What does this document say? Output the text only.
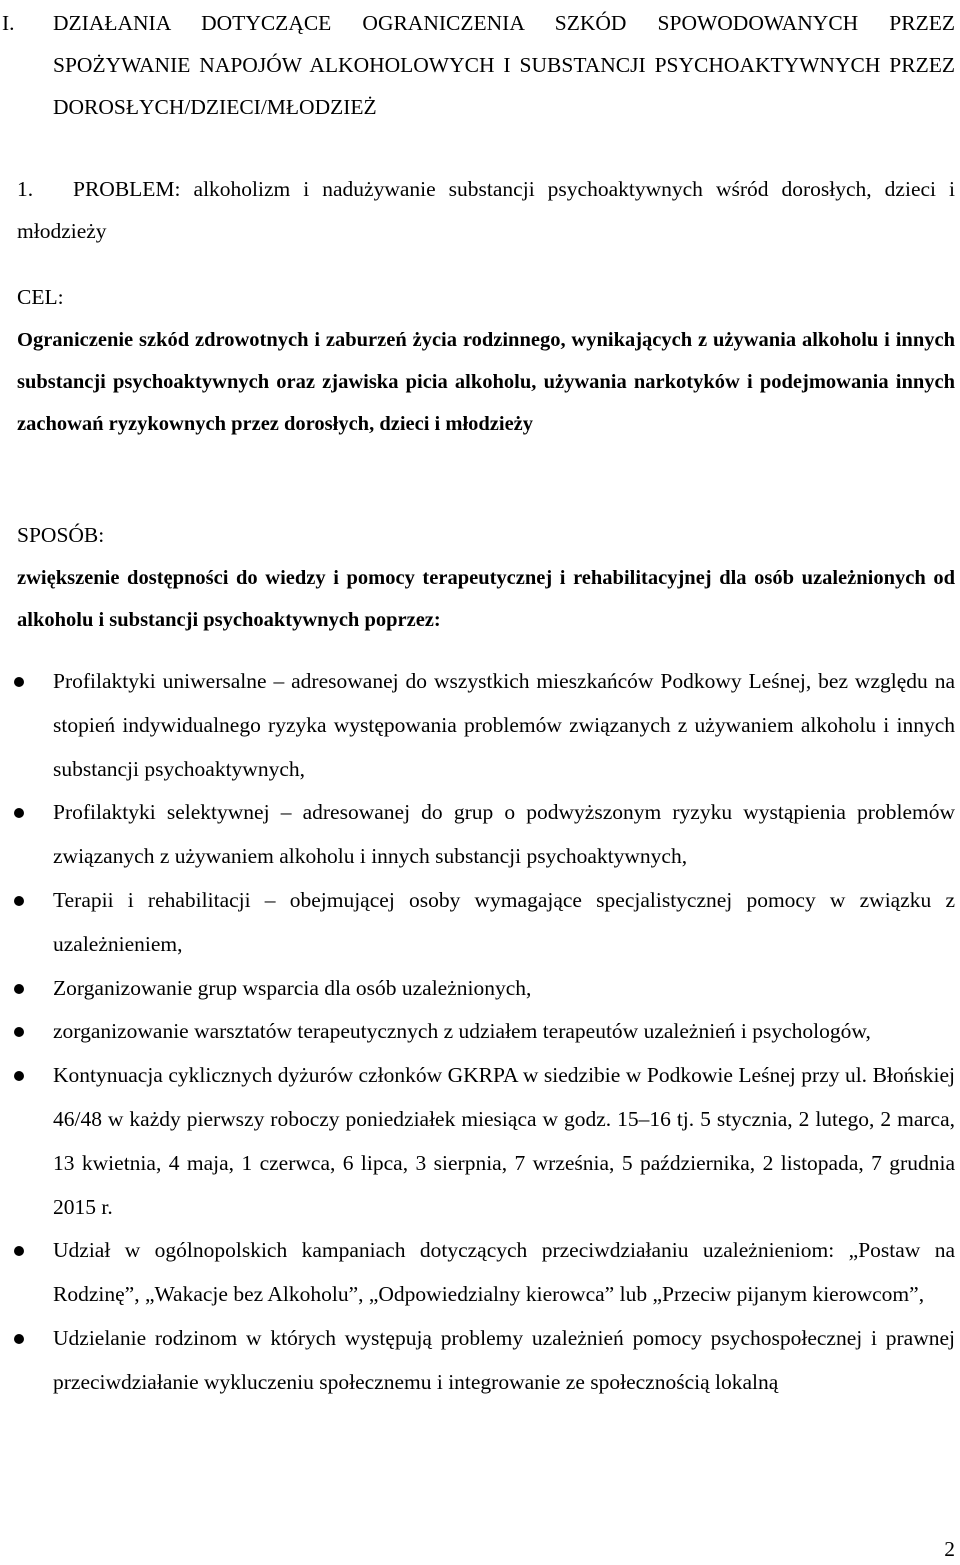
I. DZIAŁANIA DOTYCZĄCE OGRANICZENIA SZKÓD SPOWODOWANYCH PRZEZ SPOŻYWANIE NAPOJÓW ALKOHOLOWYCH I SUBSTANCJI PSYCHOAKTYWNYCH PRZEZ DOROSŁYCH/DZIECI/MŁODZIEŻ
1.	PROBLEM: alkoholizm i nadużywanie substancji psychoaktywnych wśród dorosłych, dzieci i młodzieży
CEL:
Ograniczenie szkód zdrowotnych i zaburzeń życia rodzinnego, wynikających z używania alkoholu i innych substancji psychoaktywnych oraz zjawiska picia alkoholu, używania narkotyków i podejmowania innych zachowań ryzykownych przez dorosłych, dzieci i młodzieży
SPOSÓB:
zwiększenie dostępności do wiedzy i pomocy terapeutycznej i rehabilitacyjnej dla osób uzależnionych od alkoholu i substancji psychoaktywnych poprzez:
Profilaktyki uniwersalne – adresowanej do wszystkich mieszkańców Podkowy Leśnej, bez względu na stopień indywidualnego ryzyka występowania problemów związanych z używaniem alkoholu i innych substancji psychoaktywnych,
Profilaktyki selektywnej – adresowanej do grup o podwyższonym ryzyku wystąpienia problemów związanych z używaniem alkoholu i innych substancji psychoaktywnych,
Terapii i rehabilitacji – obejmującej osoby wymagające specjalistycznej pomocy w związku z uzależnieniem,
Zorganizowanie grup wsparcia dla osób uzależnionych,
zorganizowanie warsztatów terapeutycznych z udziałem terapeutów uzależnień i psychologów,
Kontynuacja cyklicznych dyżurów członków GKRPA w siedzibie w Podkowie Leśnej przy ul. Błońskiej 46/48 w każdy pierwszy roboczy poniedziałek miesiąca w godz. 15–16 tj. 5 stycznia, 2 lutego, 2 marca, 13 kwietnia, 4 maja, 1 czerwca, 6 lipca, 3 sierpnia, 7 września, 5 października, 2 listopada, 7 grudnia 2015 r.
Udział w ogólnopolskich kampaniach dotyczących przeciwdziałaniu uzależnieniom: „Postaw na Rodzinę”, „Wakacje bez Alkoholu”, „Odpowiedzialny kierowca” lub „Przeciw pijanym kierowcom”,
Udzielanie rodzinom w których występują problemy uzależnień pomocy psychospołecznej i prawnej przeciwdziałanie wykluczeniu społecznemu i integrowanie ze społecznością lokalną
2
